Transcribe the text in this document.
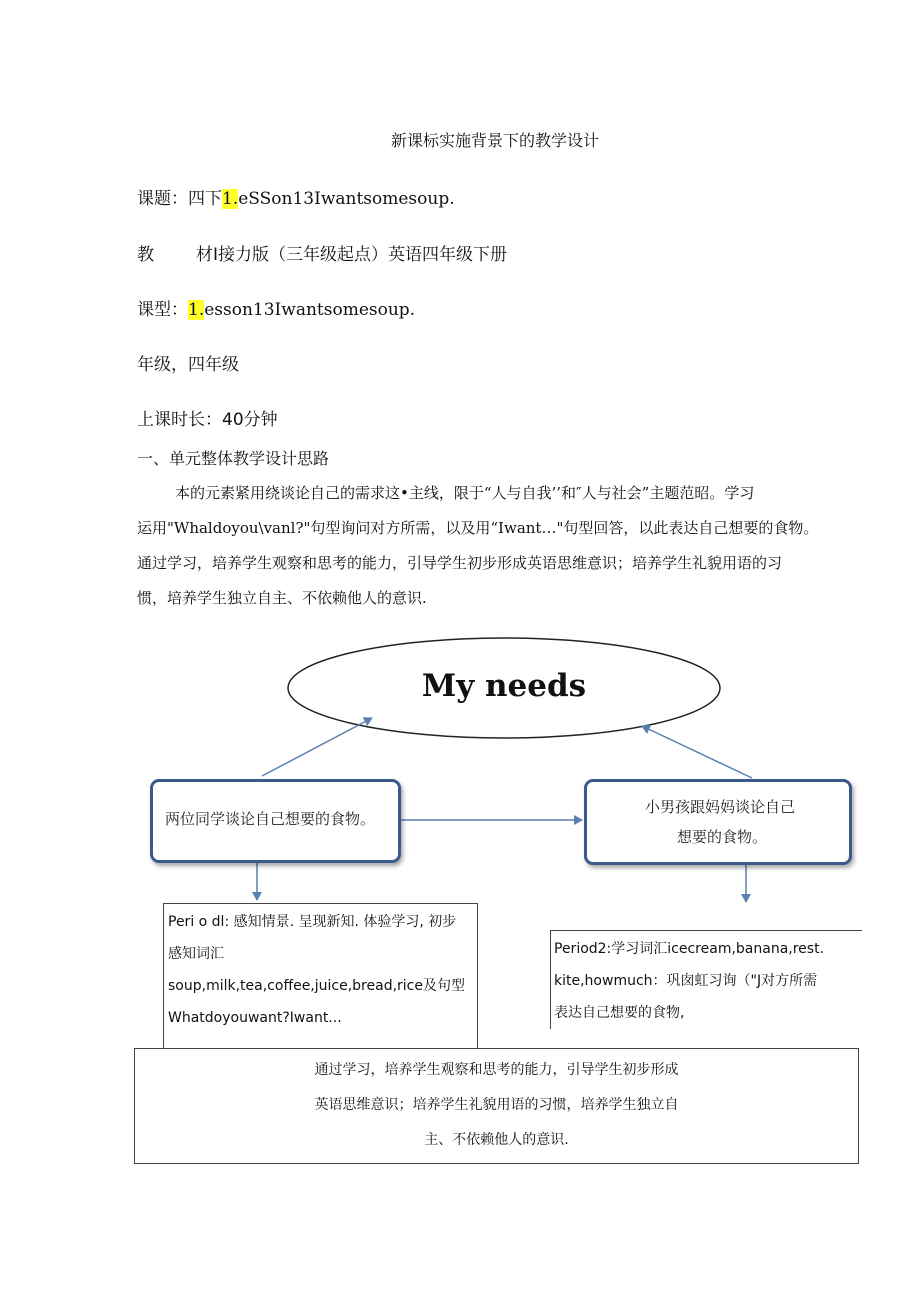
新课标实施背景下的教学设计
课题：四下1.eSSon13Iwantsomesoup.
教 材I接力版（三年级起点）英语四年级下册
课型：1.esson13Iwantsomesoup.
年级，四年级
上课时长：40分钟
一、单元整体教学设计思路

本的元素紧用绕谈论自己的需求这•主线，限于“人与自我’’和″人与社会”主题范昭。学习

运用"Whaldoyou\vanl?"句型询问对方所需，以及用“Iwant…"句型回答，以此表达自己想要的食物。

通过学习，培养学生观察和思考的能力，引导学生初步形成英语思维意识；培养学生礼貌用语的习

惯，培养学生独立自主、不依赖他人的意识.

My needs
两位同学谈论自己想要的食物。
小男孩跟妈妈谈论自己
想要的食物。
Peri o dl: 感知情景. 呈现新知. 体验学习, 初步
感知词汇
soup,milk,tea,coffee,juice,bread,rice及句型
Whatdoyouwant?Iwant...
Period2:学习词汇icecream,banana,rest.
kite,howmuch：巩囱虹习询（"J对方所需
表达自己想要的食物,
通过学习，培养学生观察和思考的能力，引导学生初步形成
英语思维意识；培养学生礼貌用语的习惯，培养学生独立自
主、不依赖他人的意识.
